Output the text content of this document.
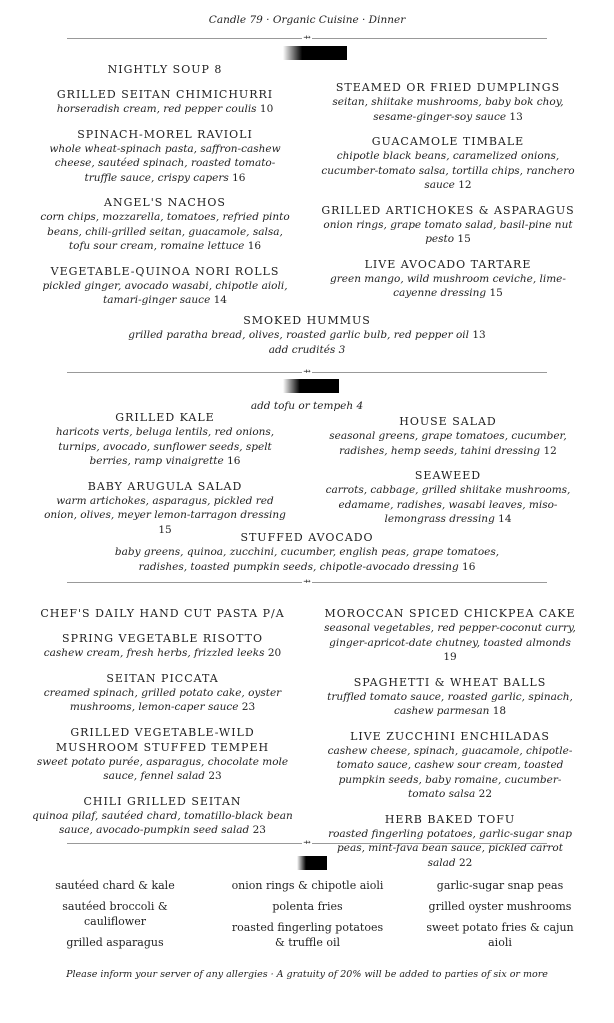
Candle 79 · Organic Cuisine · Dinner
⇸
NIGHTLY SOUP 8
GRILLED SEITAN CHIMICHURRI
horseradish cream, red pepper coulis 10
SPINACH-MOREL RAVIOLI
whole wheat-spinach pasta, saffron-cashew cheese, sautéed spinach, roasted tomato-truffle sauce, crispy capers 16
ANGEL'S NACHOS
corn chips, mozzarella, tomatoes, refried pinto beans, chili-grilled seitan, guacamole, salsa, tofu sour cream, romaine lettuce 16
VEGETABLE-QUINOA NORI ROLLS
pickled ginger, avocado wasabi, chipotle aioli, tamari-ginger sauce 14
STEAMED OR FRIED DUMPLINGS
seitan, shiitake mushrooms, baby bok choy, sesame-ginger-soy sauce 13
GUACAMOLE TIMBALE
chipotle black beans, caramelized onions, cucumber-tomato salsa, tortilla chips, ranchero sauce 12
GRILLED ARTICHOKES & ASPARAGUS
onion rings, grape tomato salad, basil-pine nut pesto 15
LIVE AVOCADO TARTARE
green mango, wild mushroom ceviche, lime-cayenne dressing 15
SMOKED HUMMUS
grilled paratha bread, olives, roasted garlic bulb, red pepper oil 13
add crudités 3
⇸
add tofu or tempeh 4
GRILLED KALE
haricots verts, beluga lentils, red onions, turnips, avocado, sunflower seeds, spelt berries, ramp vinaigrette 16
BABY ARUGULA SALAD
warm artichokes, asparagus, pickled red onion, olives, meyer lemon-tarragon dressing 15
HOUSE SALAD
seasonal greens, grape tomatoes, cucumber, radishes, hemp seeds, tahini dressing 12
SEAWEED
carrots, cabbage, grilled shiitake mushrooms, edamame, radishes, wasabi leaves, miso-lemongrass dressing 14
STUFFED AVOCADO
baby greens, quinoa, zucchini, cucumber, english peas, grape tomatoes, radishes, toasted pumpkin seeds, chipotle-avocado dressing 16
⇸
CHEF'S DAILY HAND CUT PASTA P/A
SPRING VEGETABLE RISOTTO
cashew cream, fresh herbs, frizzled leeks 20
SEITAN PICCATA
creamed spinach, grilled potato cake, oyster mushrooms, lemon-caper sauce 23
GRILLED VEGETABLE-WILD MUSHROOM STUFFED TEMPEH
sweet potato purée, asparagus, chocolate mole sauce, fennel salad 23
CHILI GRILLED SEITAN
quinoa pilaf, sautéed chard, tomatillo-black bean sauce, avocado-pumpkin seed salad 23
MOROCCAN SPICED CHICKPEA CAKE
seasonal vegetables, red pepper-coconut curry, ginger-apricot-date chutney, toasted almonds 19
SPAGHETTI & WHEAT BALLS
truffled tomato sauce, roasted garlic, spinach, cashew parmesan 18
LIVE ZUCCHINI ENCHILADAS
cashew cheese, spinach, guacamole, chipotle-tomato sauce, cashew sour cream, toasted pumpkin seeds, baby romaine, cucumber-tomato salsa 22
HERB BAKED TOFU
roasted fingerling potatoes, garlic-sugar snap peas, mint-fava bean sauce, pickled carrot salad 22
⇸
sautéed chard & kale
sautéed broccoli & cauliflower
grilled asparagus
onion rings & chipotle aioli
polenta fries
roasted fingerling potatoes & truffle oil
garlic-sugar snap peas
grilled oyster mushrooms
sweet potato fries & cajun aioli
Please inform your server of any allergies · A gratuity of 20% will be added to parties of six or more
